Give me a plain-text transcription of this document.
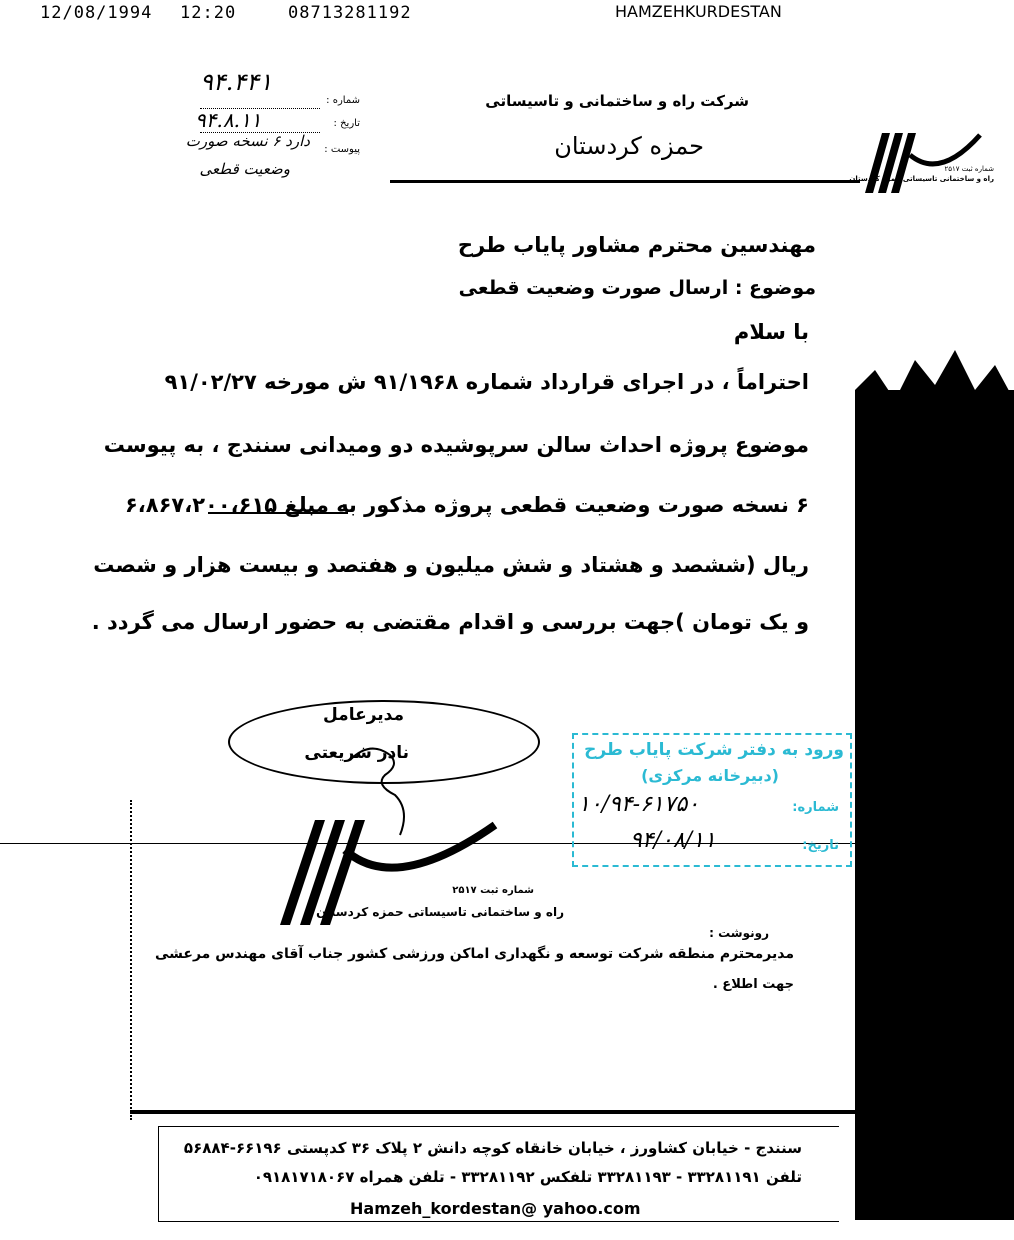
12/08/1994 12:20	08713281192	HAMZEHKURDESTAN
۹۴.۴۴۱
شماره :
۹۴.۸.۱۱	تاریخ :
دارد ۶ نسخه صورت پیوست :
وضعیت قطعی
شرکت راه و ساختمانی و تاسیساتی
حمزه کردستان
شماره ثبت ۲۵۱۷
راه و ساختمانی تاسیساتی حمزه کردستان
مهندسین محترم مشاور پایاب طرح
موضوع : ارسال صورت وضعیت قطعی
با سلام
احتراماً ، در اجرای قرارداد شماره ۹۱/۱۹۶۸ ش مورخه ۹۱/۰۲/۲۷
موضوع پروژه احداث سالن سرپوشیده دو ومیدانی سنندج ، به پیوست
۶ نسخه صورت وضعیت قطعی پروژه مذکور به مبلغ ۶،۸۶۷،۲۰۰،۶۱۵
ریال (ششصد و هشتاد و شش میلیون و هفتصد و بیست هزار و شصت
و یک تومان )جهت بررسی و اقدام مقتضی به حضور ارسال می گردد .
مدیرعامل
نادر شریعتی
شماره ثبت ۲۵۱۷
راه و ساختمانی تاسیساتی حمزه کردستان
ورود به دفتر شرکت پایاب طرح
(دبیرخانه مرکزی)
شماره:
۱۰/۹۴-۶۱۷۵۰
تاریخ:
۹۴/۰۸/۱۱
رونوشت :
مدیرمحترم منطقه شرکت توسعه و نگهداری اماکن ورزشی کشور جناب آقای مهندس مرعشی
جهت اطلاع .
سنندج - خیابان کشاورز ، خیابان خانقاه کوچه دانش ۲ پلاک ۳۶ کدپستی ۶۶۱۹۶-۵۶۸۸۴
تلفن ۳۳۲۸۱۱۹۱ - ۳۳۲۸۱۱۹۳ تلفکس ۳۳۲۸۱۱۹۲ - تلفن همراه ۰۹۱۸۱۷۱۸۰۶۷
Hamzeh_kordestan@ yahoo.com
